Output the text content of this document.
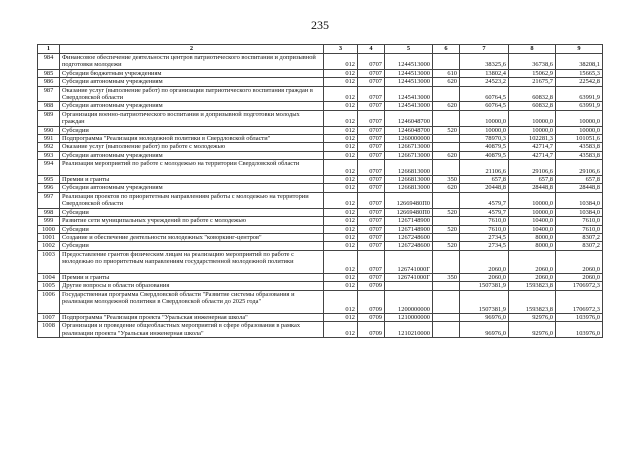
235
1	2	3	4	5	6	7	8	9
984	Финансовое обеспечение деятельности центров патриотического воспитания и допризывной подготовки молодежи	012	0707	1244513000		38325,6	36738,6	38208,1
985	Субсидии бюджетным учреждениям	012	0707	1244513000	610	13802,4	15062,9	15665,3
986	Субсидии автономным учреждениям	012	0707	1244513000	620	24523,2	21675,7	22542,8
987	Оказание услуг (выполнение работ) по организации патриотического воспитания граждан в Свердловской области	012	0707	1245413000		60764,5	60832,8	63991,9
988	Субсидии автономным учреждениям	012	0707	1245413000	620	60764,5	60832,8	63991,9
989	Организация военно-патриотического воспитания и допризывной подготовки молодых граждан	012	0707	1246048700		10000,0	10000,0	10000,0
990	Субсидии	012	0707	1246048700	520	10000,0	10000,0	10000,0
991	Подпрограмма "Реализация молодежной политики в Свердловской области"	012	0707	1260000000		78970,3	102281,3	101051,6
992	Оказание услуг (выполнение работ) по работе с молодежью	012	0707	1266713000		40879,5	42714,7	43583,8
993	Субсидии автономным учреждениям	012	0707	1266713000	620	40879,5	42714,7	43583,8
994	Реализация мероприятий по работе с молодежью на территории Свердловской области	012	0707	1266813000		21106,6	29106,6	29106,6
995	Премии и гранты	012	0707	1266813000	350	657,8	657,8	657,8
996	Субсидии автономным учреждениям	012	0707	1266813000	620	20448,8	28448,8	28448,8
997	Реализация проектов по приоритетным направлениям работы с молодежью на территории Свердловской области	012	0707	12669480П0		4579,7	10000,0	10384,0
998	Субсидии	012	0707	12669480П0	520	4579,7	10000,0	10384,0
999	Развитие сети муниципальных учреждений по работе с молодежью	012	0707	1267148900		7610,0	10400,0	7610,0
1000	Субсидии	012	0707	1267148900	520	7610,0	10400,0	7610,0
1001	Создание и обеспечение деятельности молодежных "коворкинг-центров"	012	0707	1267248600		2734,5	8000,0	8307,2
1002	Субсидии	012	0707	1267248600	520	2734,5	8000,0	8307,2
1003	Предоставление грантов физическим лицам на реализацию мероприятий по работе с молодежью по приоритетным направлениям государственной молодежной политики	012	0707	126741000Г		2060,0	2060,0	2060,0
1004	Премии и гранты	012	0707	126741000Г	350	2060,0	2060,0	2060,0
1005	Другие вопросы в области образования	012	0709			1507381,9	1593823,8	1706972,3
1006	Государственная программа Свердловской области "Развитие системы образования и реализация молодежной политики в Свердловской области до 2025 года"	012	0709	1200000000		1507381,9	1593823,8	1706972,3
1007	Подпрограмма "Реализация проекта "Уральская инженерная школа"	012	0709	1210000000		96976,0	92976,0	103976,0
1008	Организация и проведение общеобластных мероприятий в сфере образования в рамках реализации проекта "Уральская инженерная школа"	012	0709	1210210000		96976,0	92976,0	103976,0
